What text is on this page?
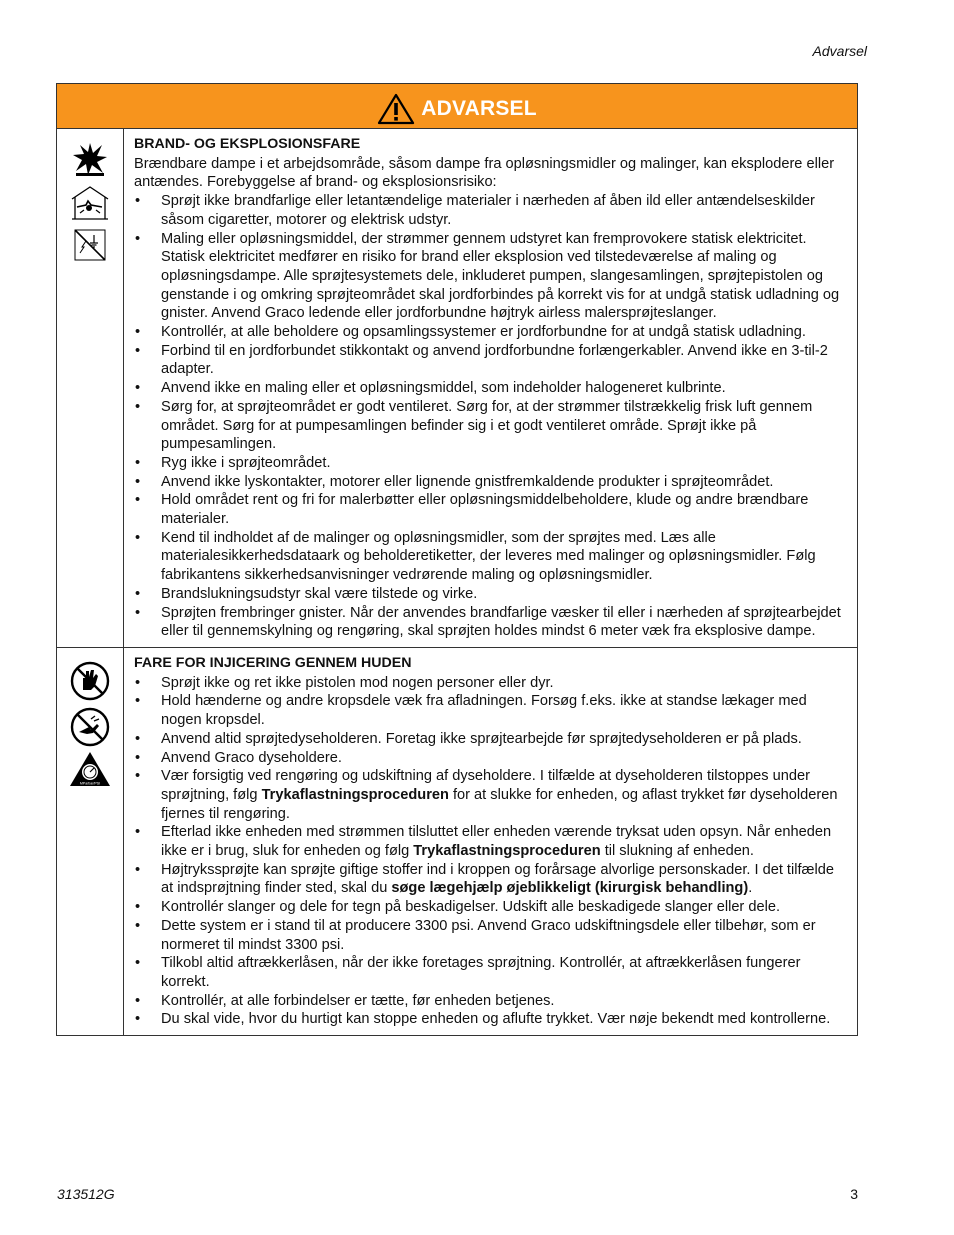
Advarsel
ADVARSEL
BRAND- OG EKSPLOSIONSFARE
Brændbare dampe i et arbejdsområde, såsom dampe fra opløsningsmidler og malinger, kan eksplodere eller antændes. Forebyggelse af brand- og eksplosionsrisiko:
• Sprøjt ikke brandfarlige eller letantændelige materialer i nærheden af åben ild eller antændelseskilder såsom cigaretter, motorer og elektrisk udstyr.
• Maling eller opløsningsmiddel, der strømmer gennem udstyret kan fremprovokere statisk elektricitet. Statisk elektricitet medfører en risiko for brand eller eksplosion ved tilstedeværelse af maling og opløsningsdampe. Alle sprøjtesystemets dele, inkluderet pumpen, slangesamlingen, sprøjtepistolen og genstande i og omkring sprøjteområdet skal jordforbindes på korrekt vis for at undgå statisk udladning og gnister. Anvend Graco ledende eller jordforbundne højtryk airless malersprøjteslanger.
• Kontrollér, at alle beholdere og opsamlingssystemer er jordforbundne for at undgå statisk udladning.
• Forbind til en jordforbundet stikkontakt og anvend jordforbundne forlængerkabler. Anvend ikke en 3-til-2 adapter.
• Anvend ikke en maling eller et opløsningsmiddel, som indeholder halogeneret kulbrinte.
• Sørg for, at sprøjteområdet er godt ventileret. Sørg for, at der strømmer tilstrækkelig frisk luft gennem området. Sørg for at pumpesamlingen befinder sig i et godt ventileret område. Sprøjt ikke på pumpesamlingen.
• Ryg ikke i sprøjteområdet.
• Anvend ikke lyskontakter, motorer eller lignende gnistfremkaldende produkter i sprøjteområdet.
• Hold området rent og fri for malerbøtter eller opløsningsmiddelbeholdere, klude og andre brændbare materialer.
• Kend til indholdet af de malinger og opløsningsmidler, som der sprøjtes med. Læs alle materialesikkerhedsdataark og beholderetiketter, der leveres med malinger og opløsningsmidler. Følg fabrikantens sikkerhedsanvisninger vedrørende maling og opløsningsmidler.
• Brandslukningsudstyr skal være tilstede og virke.
• Sprøjten frembringer gnister. Når der anvendes brandfarlige væsker til eller i nærheden af sprøjtearbejdet eller til gennemskylning og rengøring, skal sprøjten holdes mindst 6 meter væk fra eksplosive dampe.
MPa/bar/PSI
FARE FOR INJICERING GENNEM HUDEN
• Sprøjt ikke og ret ikke pistolen mod nogen personer eller dyr.
• Hold hænderne og andre kropsdele væk fra afladningen. Forsøg f.eks. ikke at standse lækager med nogen kropsdel.
• Anvend altid sprøjtedyseholderen. Foretag ikke sprøjtearbejde før sprøjtedyseholderen er på plads.
• Anvend Graco dyseholdere.
• Vær forsigtig ved rengøring og udskiftning af dyseholdere. I tilfælde at dyseholderen tilstoppes under sprøjtning, følg Trykaflastningsproceduren for at slukke for enheden, og aflast trykket før dyseholderen fjernes til rengøring.
• Efterlad ikke enheden med strømmen tilsluttet eller enheden værende tryksat uden opsyn. Når enheden ikke er i brug, sluk for enheden og følg Trykaflastningsproceduren til slukning af enheden.
• Højtrykssprøjte kan sprøjte giftige stoffer ind i kroppen og forårsage alvorlige personskader. I det tilfælde at indsprøjtning finder sted, skal du søge lægehjælp øjeblikkeligt (kirurgisk behandling).
• Kontrollér slanger og dele for tegn på beskadigelser. Udskift alle beskadigede slanger eller dele.
• Dette system er i stand til at producere 3300 psi. Anvend Graco udskiftningsdele eller tilbehør, som er normeret til mindst 3300 psi.
• Tilkobl altid aftrækkerlåsen, når der ikke foretages sprøjtning. Kontrollér, at aftrækkerlåsen fungerer korrekt.
• Kontrollér, at alle forbindelser er tætte, før enheden betjenes.
• Du skal vide, hvor du hurtigt kan stoppe enheden og aflufte trykket. Vær nøje bekendt med kontrollerne.
313512G	3
